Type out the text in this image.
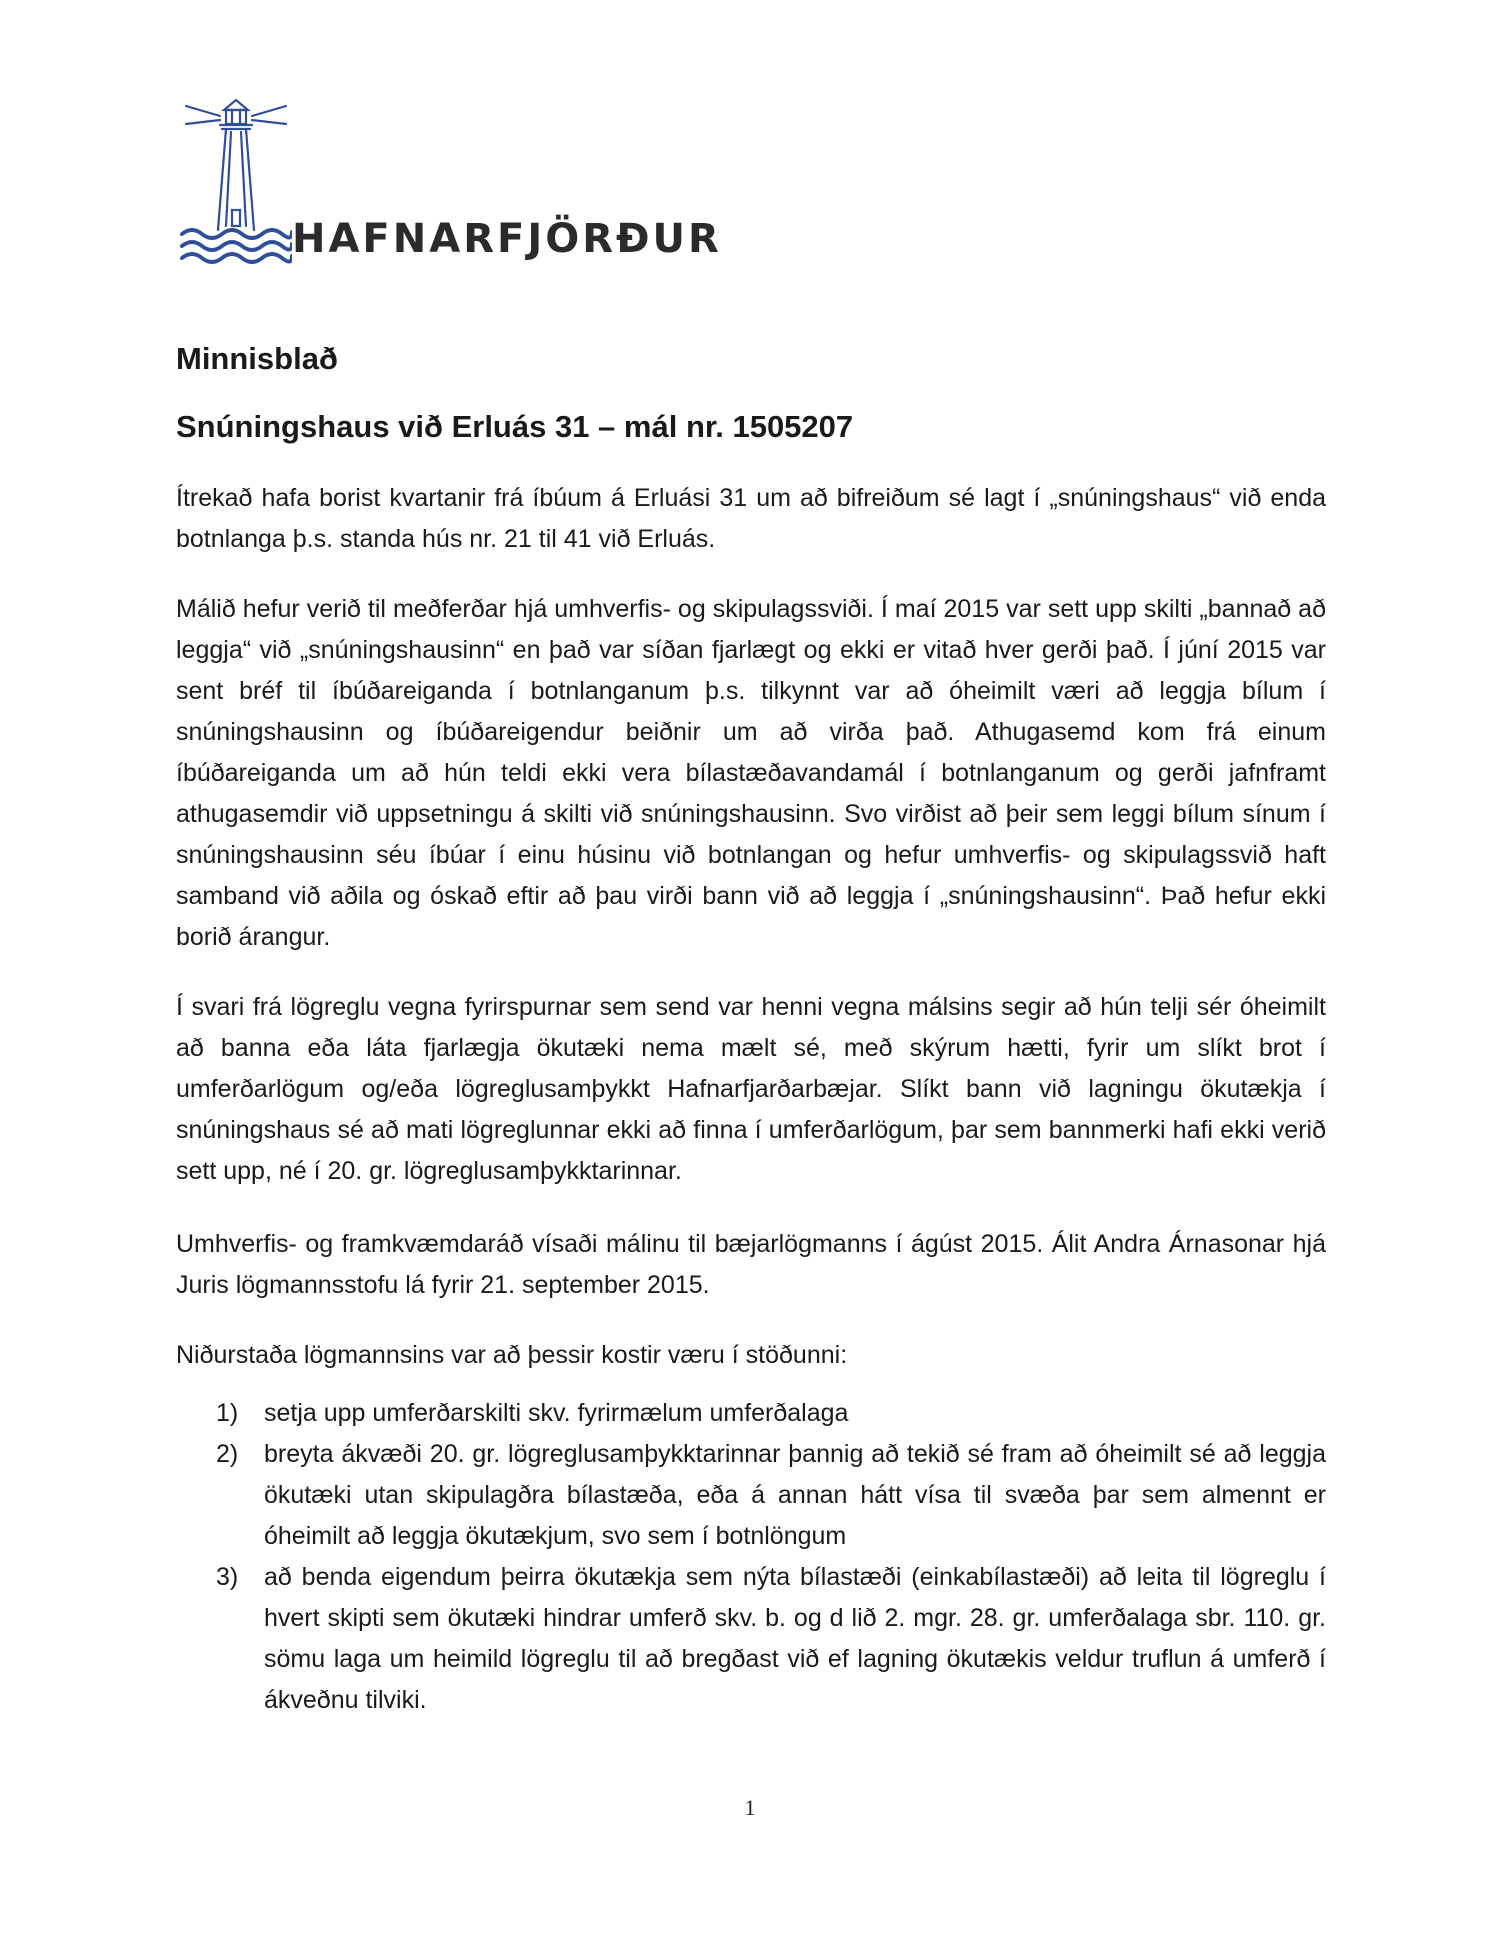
HAFNARFJÖRÐUR
Minnisblað
Snúningshaus við Erluás 31 – mál nr. 1505207

Ítrekað hafa borist kvartanir frá íbúum á Erluási 31 um að bifreiðum sé lagt í „snúningshaus“ við enda botnlanga þ.s. standa hús nr. 21 til 41 við Erluás.

Málið hefur verið til meðferðar hjá umhverfis- og skipulagssviði. Í maí 2015 var sett upp skilti „bannað að leggja“ við „snúningshausinn“ en það var síðan fjarlægt og ekki er vitað hver gerði það. Í júní 2015 var sent bréf til íbúðareiganda í botnlanganum þ.s. tilkynnt var að óheimilt væri að leggja bílum í snúningshausinn og íbúðareigendur beiðnir um að virða það. Athugasemd kom frá einum íbúðareiganda um að hún teldi ekki vera bílastæðavandamál í botnlanganum og gerði jafnframt athugasemdir við uppsetningu á skilti við snúningshausinn. Svo virðist að þeir sem leggi bílum sínum í snúningshausinn séu íbúar í einu húsinu við botnlangan og hefur umhverfis- og skipulagssvið haft samband við aðila og óskað eftir að þau virði bann við að leggja í „snúningshausinn“. Það hefur ekki borið árangur.

Í svari frá lögreglu vegna fyrirspurnar sem send var henni vegna málsins segir að hún telji sér óheimilt að banna eða láta fjarlægja ökutæki nema mælt sé, með skýrum hætti, fyrir um slíkt brot í umferðarlögum og/eða lögreglusamþykkt Hafnarfjarðarbæjar. Slíkt bann við lagningu ökutækja í snúningshaus sé að mati lögreglunnar ekki að finna í umferðarlögum, þar sem bannmerki hafi ekki verið sett upp, né í 20. gr. lögreglusamþykktarinnar.

Umhverfis- og framkvæmdaráð vísaði málinu til bæjarlögmanns í ágúst 2015. Álit Andra Árnasonar hjá Juris lögmannsstofu lá fyrir 21. september 2015.

Niðurstaða lögmannsins var að þessir kostir væru í stöðunni:

1) setja upp umferðarskilti skv. fyrirmælum umferðalaga
2) breyta ákvæði 20. gr. lögreglusamþykktarinnar þannig að tekið sé fram að óheimilt sé að leggja ökutæki utan skipulagðra bílastæða, eða á annan hátt vísa til svæða þar sem almennt er óheimilt að leggja ökutækjum, svo sem í botnlöngum
3) að benda eigendum þeirra ökutækja sem nýta bílastæði (einkabílastæði) að leita til lögreglu í hvert skipti sem ökutæki hindrar umferð skv. b. og d lið 2. mgr. 28. gr. umferðalaga sbr. 110. gr. sömu laga um heimild lögreglu til að bregðast við ef lagning ökutækis veldur truflun á umferð í ákveðnu tilviki.
1
